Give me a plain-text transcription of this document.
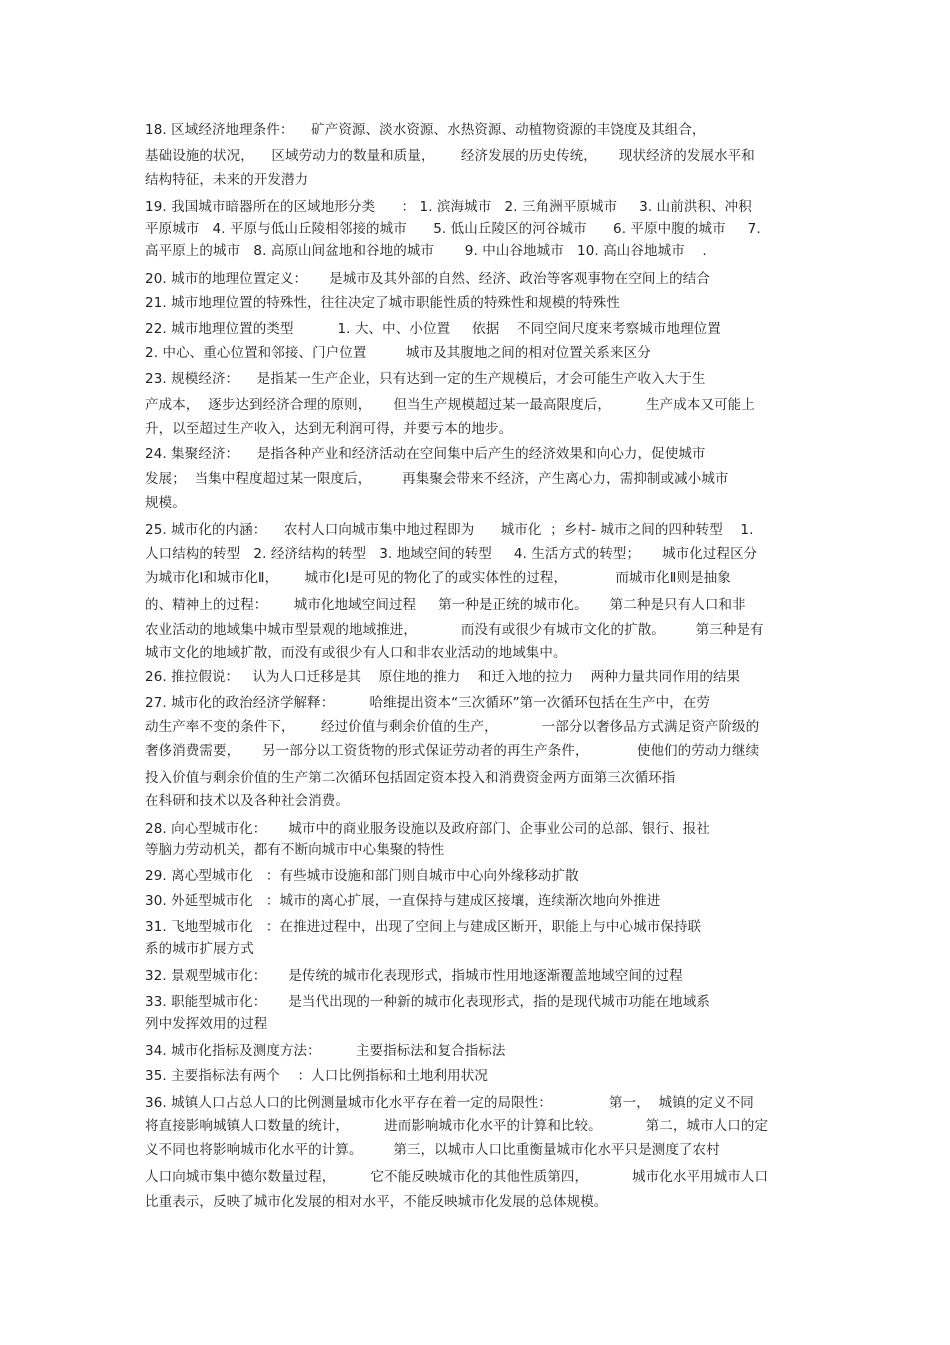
18. 区域经济地理条件：    矿产资源、淡水资源、水热资源、动植物资源的丰饶度及其组合，
基础设施的状况，    区域劳动力的数量和质量，      经济发展的历史传统，     现状经济的发展水平和
结构特征，未来的开发潜力
19. 我国城市暗器所在的区域地形分类      ： 1. 滨海城市   2. 三角洲平原城市     3. 山前洪积、冲积
平原城市   4. 平原与低山丘陵相邻接的城市      5. 低山丘陵区的河谷城市      6. 平原中腹的城市     7.
高平原上的城市   8. 高原山间盆地和谷地的城市       9. 中山谷地城市   10. 高山谷地城市    .
20. 城市的地理位置定义：     是城市及其外部的自然、经济、政治等客观事物在空间上的结合
21. 城市地理位置的特殊性，往往决定了城市职能性质的特殊性和规模的特殊性
22. 城市地理位置的类型          1. 大、中、小位置     依据    不同空间尺度来考察城市地理位置
2. 中心、重心位置和邻接、门户位置         城市及其腹地之间的相对位置关系来区分
23. 规模经济：    是指某一生产企业，只有达到一定的生产规模后，才会可能生产收入大于生
产成本，  逐步达到经济合理的原则，     但当生产规模超过某一最高限度后，        生产成本又可能上
升，以至超过生产收入，达到无利润可得，并要亏本的地步。
24. 集聚经济：    是指各种产业和经济活动在空间集中后产生的经济效果和向心力，促使城市
发展；  当集中程度超过某一限度后，       再集聚会带来不经济，产生离心力，需抑制或减小城市
规模。
25. 城市化的内涵：    农村人口向城市集中地过程即为      城市化  ；乡村- 城市之间的四种转型    1.
人口结构的转型   2. 经济结构的转型   3. 地域空间的转型     4. 生活方式的转型；     城市化过程区分
为城市化Ⅰ和城市化Ⅱ，      城市化Ⅰ是可见的物化了的或实体性的过程，           而城市化Ⅱ则是抽象
的、精神上的过程：      城市化地域空间过程     第一种是正统的城市化。     第二种是只有人口和非
农业活动的地域集中城市型景观的地域推进，          而没有或很少有城市文化的扩散。       第三种是有
城市文化的地域扩散，而没有或很少有人口和非农业活动的地域集中。
26. 推拉假说：   认为人口迁移是其    原住地的推力    和迁入地的拉力    两种力量共同作用的结果
27. 城市化的政治经济学解释：        哈维提出资本“三次循环”第一次循环包括在生产中，在劳
动生产率不变的条件下，      经过价值与剩余价值的生产，          一部分以奢侈品方式满足资产阶级的
奢侈消费需要，     另一部分以工资货物的形式保证劳动者的再生产条件，           使他们的劳动力继续
投入价值与剩余价值的生产第二次循环包括固定资本投入和消费资金两方面第三次循环指
在科研和技术以及各种社会消费。
28. 向心型城市化：     城市中的商业服务设施以及政府部门、企事业公司的总部、银行、报社
等脑力劳动机关，都有不断向城市中心集聚的特性
29. 离心型城市化   ：有些城市设施和部门则自城市中心向外缘移动扩散
30. 外延型城市化   ：城市的离心扩展，一直保持与建成区接壤，连续渐次地向外推进
31. 飞地型城市化   ：在推进过程中，出现了空间上与建成区断开，职能上与中心城市保持联
系的城市扩展方式
32. 景观型城市化：     是传统的城市化表现形式，指城市性用地逐渐覆盖地域空间的过程
33. 职能型城市化：     是当代出现的一种新的城市化表现形式，指的是现代城市功能在地域系
列中发挥效用的过程
34. 城市化指标及测度方法：        主要指标法和复合指标法
35. 主要指标法有两个    ：人口比例指标和土地利用状况
36. 城镇人口占总人口的比例测量城市化水平存在着一定的局限性：             第一，  城镇的定义不同
将直接影响城镇人口数量的统计，        进而影响城市化水平的计算和比较。          第二，城市人口的定
义不同也将影响城市化水平的计算。       第三，以城市人口比重衡量城市化水平只是测度了农村
人口向城市集中德尔数量过程，        它不能反映城市化的其他性质第四，          城市化水平用城市人口
比重表示，反映了城市化发展的相对水平，不能反映城市化发展的总体规模。
